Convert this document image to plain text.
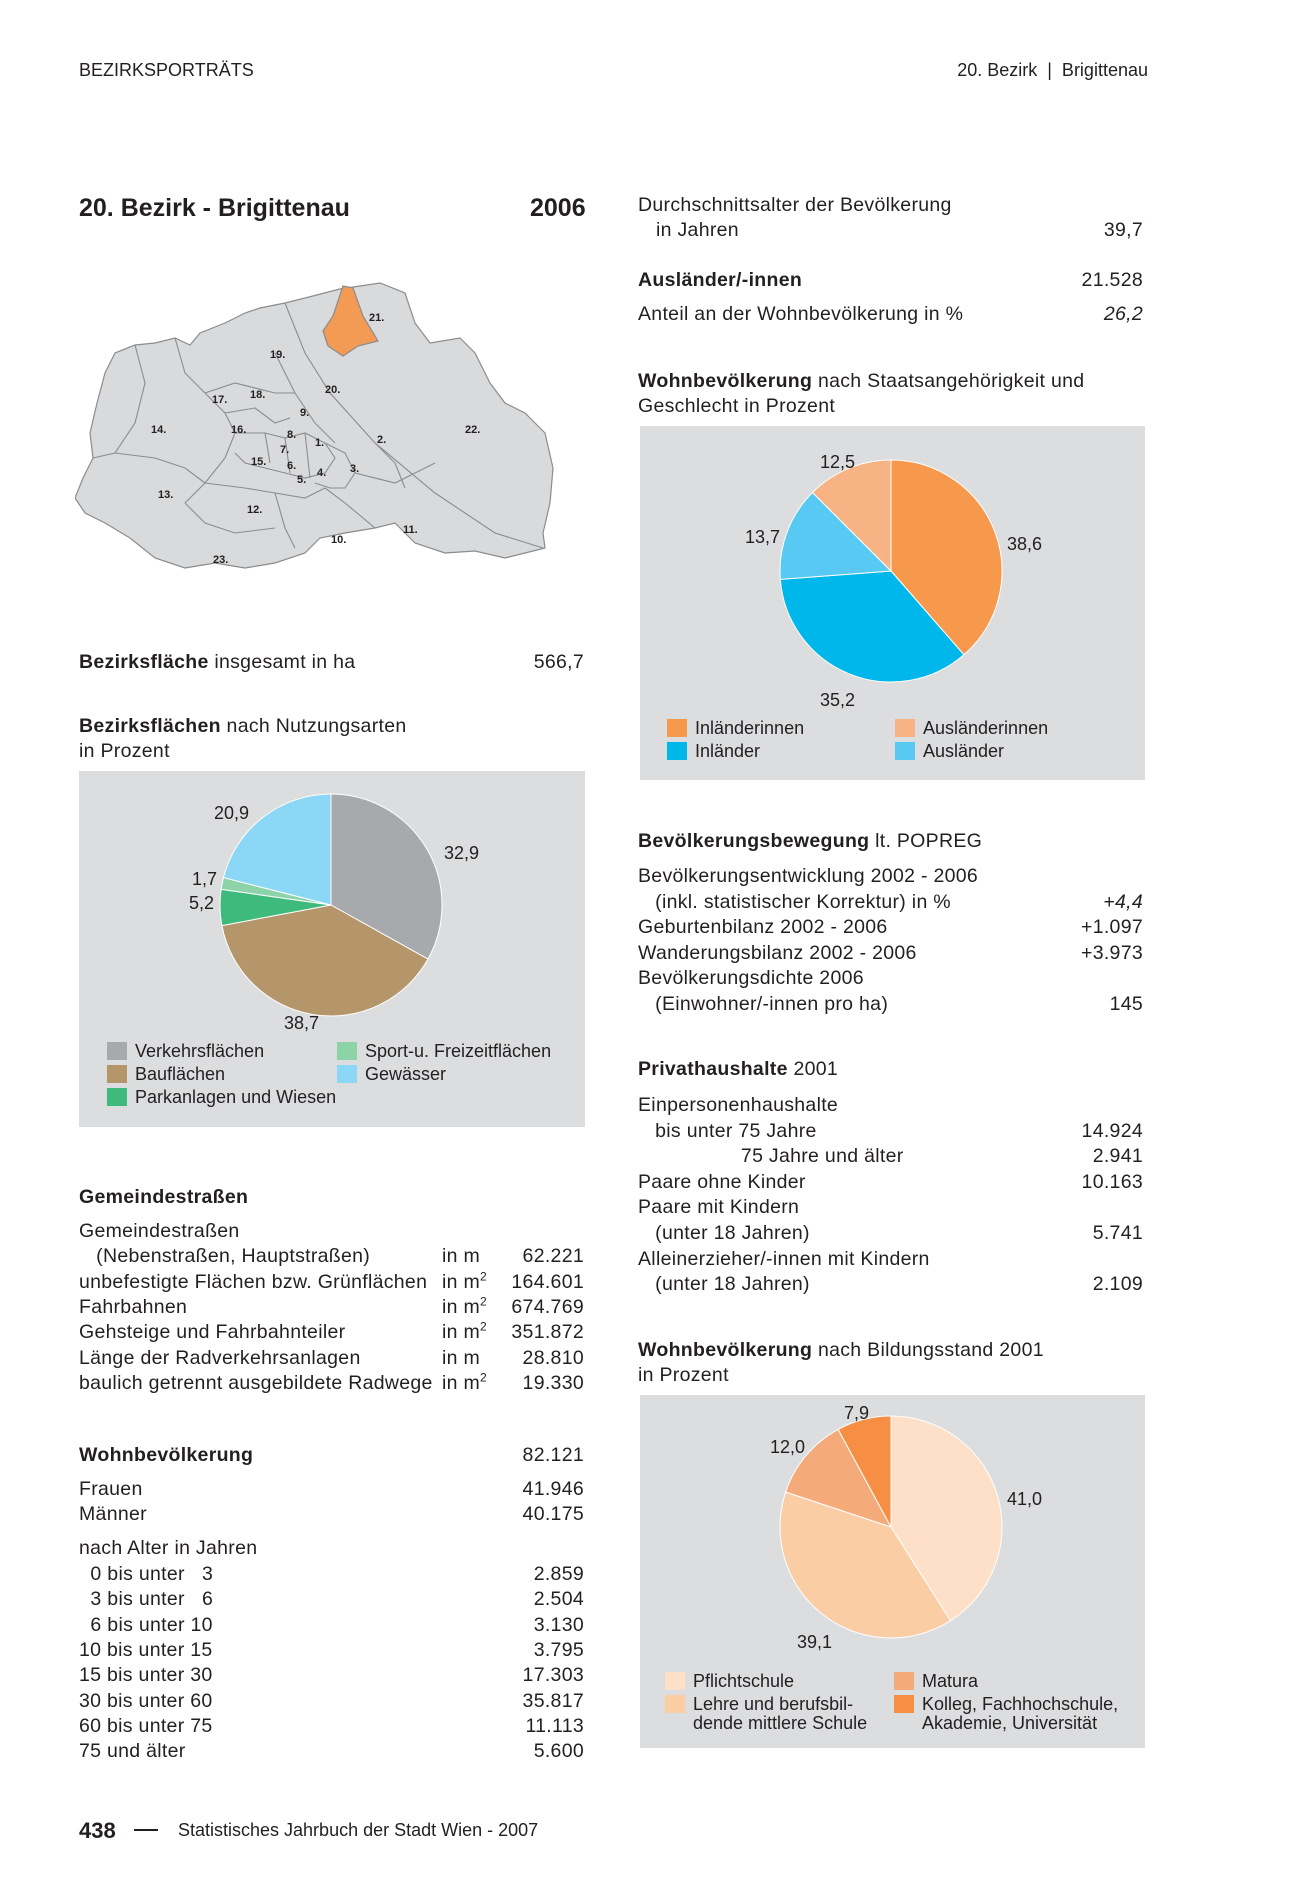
BEZIRKSPORTRÄTS	20. Bezirk  |  Brigittenau
20. Bezirk - Brigittenau	2006
21.
19.
20.
18.
17.
9.
14.	16.	8.
1.	2.
22.
7.
15. 6.	3.
4.
5.
13.
12.
11.
10.
23.
Bezirksfläche insgesamt in ha	566,7
Bezirksflächen nach Nutzungsarten
in Prozent
32,9
38,7
5,2
1,7
20,9
Verkehrsflächen
Bauflächen
Parkanlagen und Wiesen
Sport-u. Freizeitflächen
Gewässer
Gemeindestraßen
Gemeindestraßen
(Nebenstraßen, Hauptstraßen)	in m 62.221
unbefestigte Flächen bzw. Grünflächen in $m^2$ 164.601
Fahrbahnen	in $m^2$ 674.769
Gehsteige und Fahrbahnteiler	in $m^2$ 351.872
Länge der Radverkehrsanlagen	in m 28.810
baulich getrennt ausgebildete Radwege in $m^2$ 19.330
Wohnbevölkerung	82.121
Frauen	41.946
Männer	40.175
nach Alter in Jahren
0 bis unter   3	2.859
3 bis unter   6	2.504
6 bis unter 10	3.130
10 bis unter 15	3.795
15 bis unter 30	17.303
30 bis unter 60	35.817
60 bis unter 75	11.113
75 und älter	5.600
Durchschnittsalter der Bevölkerung
in Jahren	39,7
Ausländer/-innen	21.528
Anteil an der Wohnbevölkerung in %	26,2
Wohnbevölkerung nach Staatsangehörigkeit und
Geschlecht in Prozent
38,6
35,2
13,7
12,5
Inländerinnen
Inländer
Ausländerinnen
Ausländer
Bevölkerungsbewegung lt. POPREG
Bevölkerungsentwicklung 2002 - 2006
(inkl. statistischer Korrektur) in %	+4,4
Geburtenbilanz 2002 - 2006	+1.097
Wanderungsbilanz 2002 - 2006	+3.973
Bevölkerungsdichte 2006
(Einwohner/-innen pro ha)	145
Privathaushalte 2001
Einpersonenhaushalte
bis unter 75 Jahre	14.924
75 Jahre und älter	2.941
Paare ohne Kinder	10.163
Paare mit Kindern
(unter 18 Jahren)	5.741
Alleinerzieher/-innen mit Kindern
(unter 18 Jahren)	2.109
Wohnbevölkerung nach Bildungsstand 2001
in Prozent
41,0
39,1
12,0
7,9
Pflichtschule
Lehre und berufsbil-
dende mittlere Schule
Matura
Kolleg, Fachhochschule,
Akademie, Universität
438	Statistisches Jahrbuch der Stadt Wien - 2007
